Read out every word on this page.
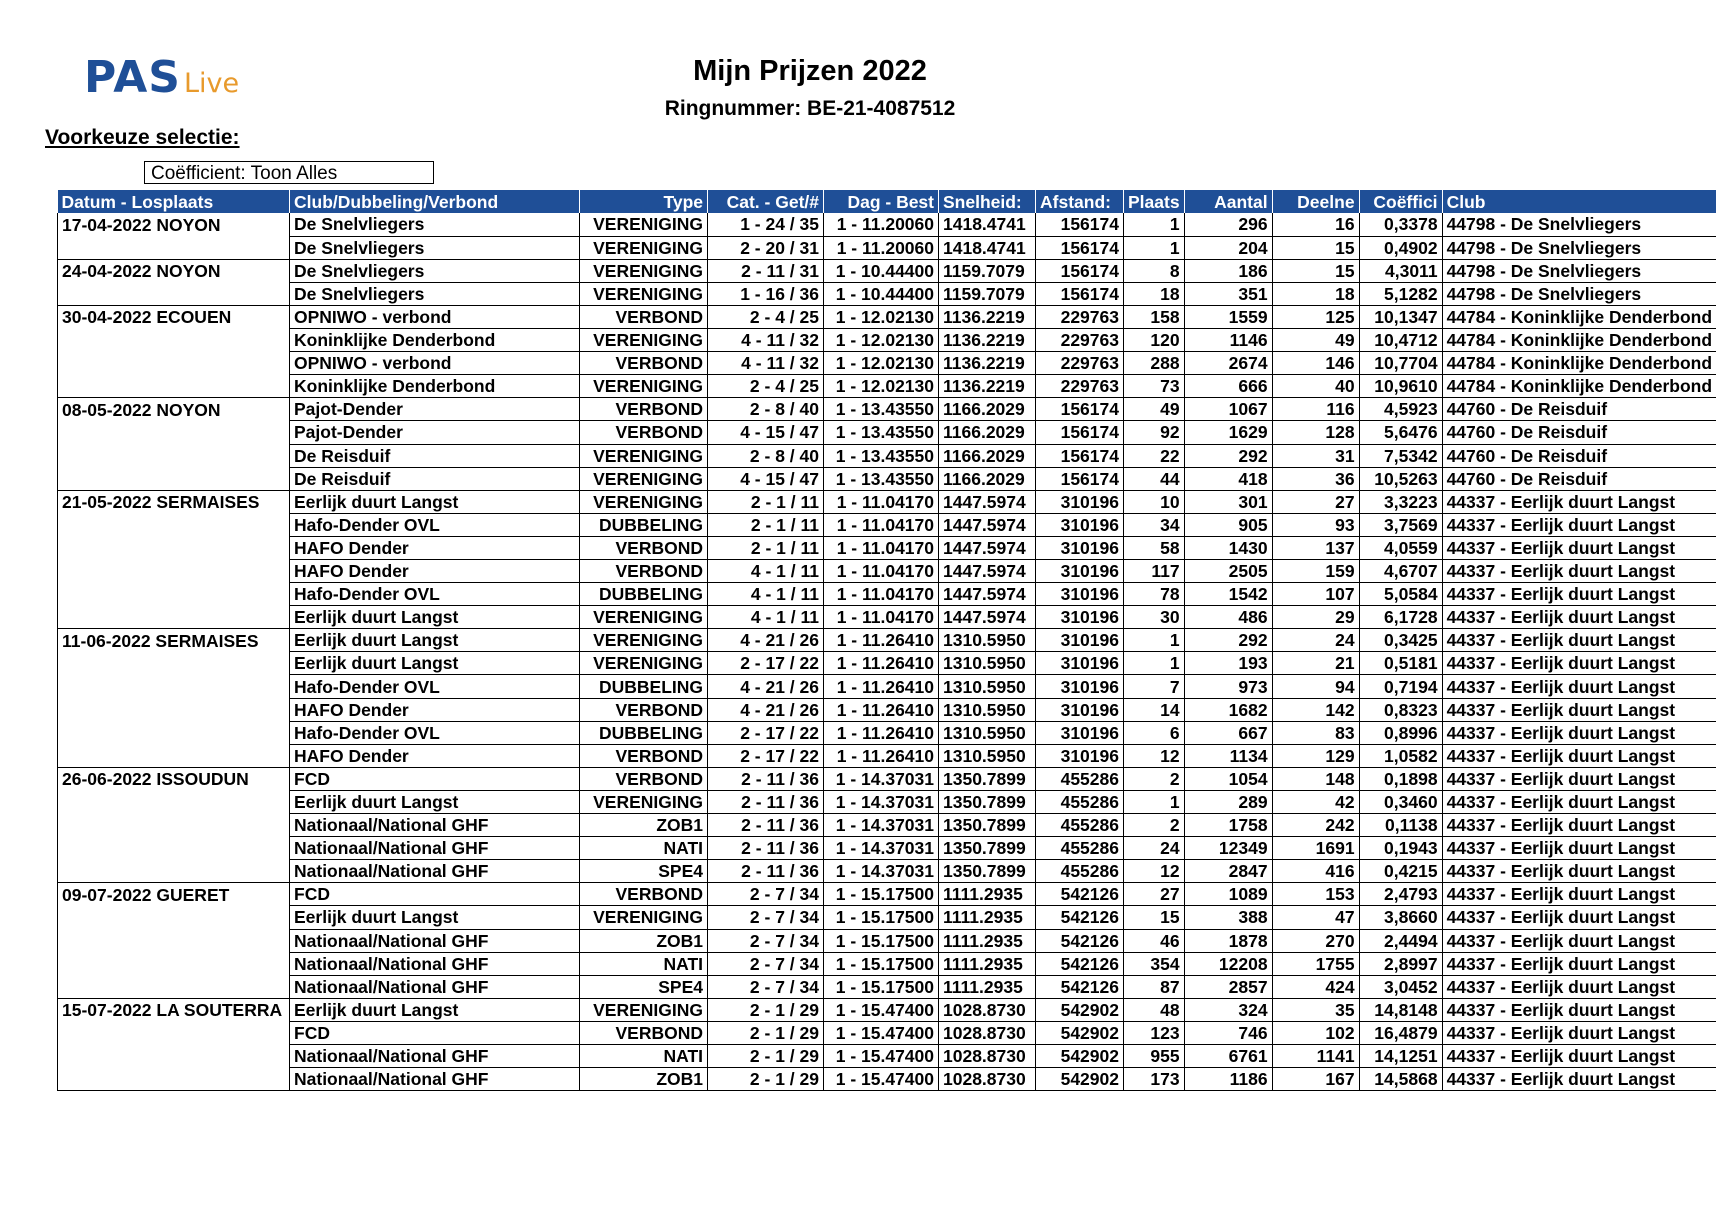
PAS Live	Mijn Prijzen 2022
Ringnummer: BE-21-4087512
Voorkeuze selectie:
Coëfficient: Toon Alles
Datum - Losplaats	Club/Dubbeling/Verbond	Type	Cat. - Get/#	Dag - Best	Snelheid:	Afstand:	Plaats	Aantal	Deelne	Coëffici	Club
17-04-2022 NOYON	De Snelvliegers	VERENIGING	1 - 24 / 35	1 - 11.20060	1418.4741	156174	1	296	16	0,3378	44798 - De Snelvliegers
	De Snelvliegers	VERENIGING	2 - 20 / 31	1 - 11.20060	1418.4741	156174	1	204	15	0,4902	44798 - De Snelvliegers
24-04-2022 NOYON	De Snelvliegers	VERENIGING	2 - 11 / 31	1 - 10.44400	1159.7079	156174	8	186	15	4,3011	44798 - De Snelvliegers
	De Snelvliegers	VERENIGING	1 - 16 / 36	1 - 10.44400	1159.7079	156174	18	351	18	5,1282	44798 - De Snelvliegers
30-04-2022 ECOUEN	OPNIWO - verbond	VERBOND	2 - 4 / 25	1 - 12.02130	1136.2219	229763	158	1559	125	10,1347	44784 - Koninklijke Denderbond
	Koninklijke Denderbond	VERENIGING	4 - 11 / 32	1 - 12.02130	1136.2219	229763	120	1146	49	10,4712	44784 - Koninklijke Denderbond
	OPNIWO - verbond	VERBOND	4 - 11 / 32	1 - 12.02130	1136.2219	229763	288	2674	146	10,7704	44784 - Koninklijke Denderbond
	Koninklijke Denderbond	VERENIGING	2 - 4 / 25	1 - 12.02130	1136.2219	229763	73	666	40	10,9610	44784 - Koninklijke Denderbond
08-05-2022 NOYON	Pajot-Dender	VERBOND	2 - 8 / 40	1 - 13.43550	1166.2029	156174	49	1067	116	4,5923	44760 - De Reisduif
	Pajot-Dender	VERBOND	4 - 15 / 47	1 - 13.43550	1166.2029	156174	92	1629	128	5,6476	44760 - De Reisduif
	De Reisduif	VERENIGING	2 - 8 / 40	1 - 13.43550	1166.2029	156174	22	292	31	7,5342	44760 - De Reisduif
	De Reisduif	VERENIGING	4 - 15 / 47	1 - 13.43550	1166.2029	156174	44	418	36	10,5263	44760 - De Reisduif
21-05-2022 SERMAISES	Eerlijk duurt Langst	VERENIGING	2 - 1 / 11	1 - 11.04170	1447.5974	310196	10	301	27	3,3223	44337 - Eerlijk duurt Langst
	Hafo-Dender OVL	DUBBELING	2 - 1 / 11	1 - 11.04170	1447.5974	310196	34	905	93	3,7569	44337 - Eerlijk duurt Langst
	HAFO Dender	VERBOND	2 - 1 / 11	1 - 11.04170	1447.5974	310196	58	1430	137	4,0559	44337 - Eerlijk duurt Langst
	HAFO Dender	VERBOND	4 - 1 / 11	1 - 11.04170	1447.5974	310196	117	2505	159	4,6707	44337 - Eerlijk duurt Langst
	Hafo-Dender OVL	DUBBELING	4 - 1 / 11	1 - 11.04170	1447.5974	310196	78	1542	107	5,0584	44337 - Eerlijk duurt Langst
	Eerlijk duurt Langst	VERENIGING	4 - 1 / 11	1 - 11.04170	1447.5974	310196	30	486	29	6,1728	44337 - Eerlijk duurt Langst
11-06-2022 SERMAISES	Eerlijk duurt Langst	VERENIGING	4 - 21 / 26	1 - 11.26410	1310.5950	310196	1	292	24	0,3425	44337 - Eerlijk duurt Langst
	Eerlijk duurt Langst	VERENIGING	2 - 17 / 22	1 - 11.26410	1310.5950	310196	1	193	21	0,5181	44337 - Eerlijk duurt Langst
	Hafo-Dender OVL	DUBBELING	4 - 21 / 26	1 - 11.26410	1310.5950	310196	7	973	94	0,7194	44337 - Eerlijk duurt Langst
	HAFO Dender	VERBOND	4 - 21 / 26	1 - 11.26410	1310.5950	310196	14	1682	142	0,8323	44337 - Eerlijk duurt Langst
	Hafo-Dender OVL	DUBBELING	2 - 17 / 22	1 - 11.26410	1310.5950	310196	6	667	83	0,8996	44337 - Eerlijk duurt Langst
	HAFO Dender	VERBOND	2 - 17 / 22	1 - 11.26410	1310.5950	310196	12	1134	129	1,0582	44337 - Eerlijk duurt Langst
26-06-2022 ISSOUDUN	FCD	VERBOND	2 - 11 / 36	1 - 14.37031	1350.7899	455286	2	1054	148	0,1898	44337 - Eerlijk duurt Langst
	Eerlijk duurt Langst	VERENIGING	2 - 11 / 36	1 - 14.37031	1350.7899	455286	1	289	42	0,3460	44337 - Eerlijk duurt Langst
	Nationaal/National GHF	ZOB1	2 - 11 / 36	1 - 14.37031	1350.7899	455286	2	1758	242	0,1138	44337 - Eerlijk duurt Langst
	Nationaal/National GHF	NATI	2 - 11 / 36	1 - 14.37031	1350.7899	455286	24	12349	1691	0,1943	44337 - Eerlijk duurt Langst
	Nationaal/National GHF	SPE4	2 - 11 / 36	1 - 14.37031	1350.7899	455286	12	2847	416	0,4215	44337 - Eerlijk duurt Langst
09-07-2022 GUERET	FCD	VERBOND	2 - 7 / 34	1 - 15.17500	1111.2935	542126	27	1089	153	2,4793	44337 - Eerlijk duurt Langst
	Eerlijk duurt Langst	VERENIGING	2 - 7 / 34	1 - 15.17500	1111.2935	542126	15	388	47	3,8660	44337 - Eerlijk duurt Langst
	Nationaal/National GHF	ZOB1	2 - 7 / 34	1 - 15.17500	1111.2935	542126	46	1878	270	2,4494	44337 - Eerlijk duurt Langst
	Nationaal/National GHF	NATI	2 - 7 / 34	1 - 15.17500	1111.2935	542126	354	12208	1755	2,8997	44337 - Eerlijk duurt Langst
	Nationaal/National GHF	SPE4	2 - 7 / 34	1 - 15.17500	1111.2935	542126	87	2857	424	3,0452	44337 - Eerlijk duurt Langst
15-07-2022 LA SOUTERRA	Eerlijk duurt Langst	VERENIGING	2 - 1 / 29	1 - 15.47400	1028.8730	542902	48	324	35	14,8148	44337 - Eerlijk duurt Langst
	FCD	VERBOND	2 - 1 / 29	1 - 15.47400	1028.8730	542902	123	746	102	16,4879	44337 - Eerlijk duurt Langst
	Nationaal/National GHF	NATI	2 - 1 / 29	1 - 15.47400	1028.8730	542902	955	6761	1141	14,1251	44337 - Eerlijk duurt Langst
	Nationaal/National GHF	ZOB1	2 - 1 / 29	1 - 15.47400	1028.8730	542902	173	1186	167	14,5868	44337 - Eerlijk duurt Langst
